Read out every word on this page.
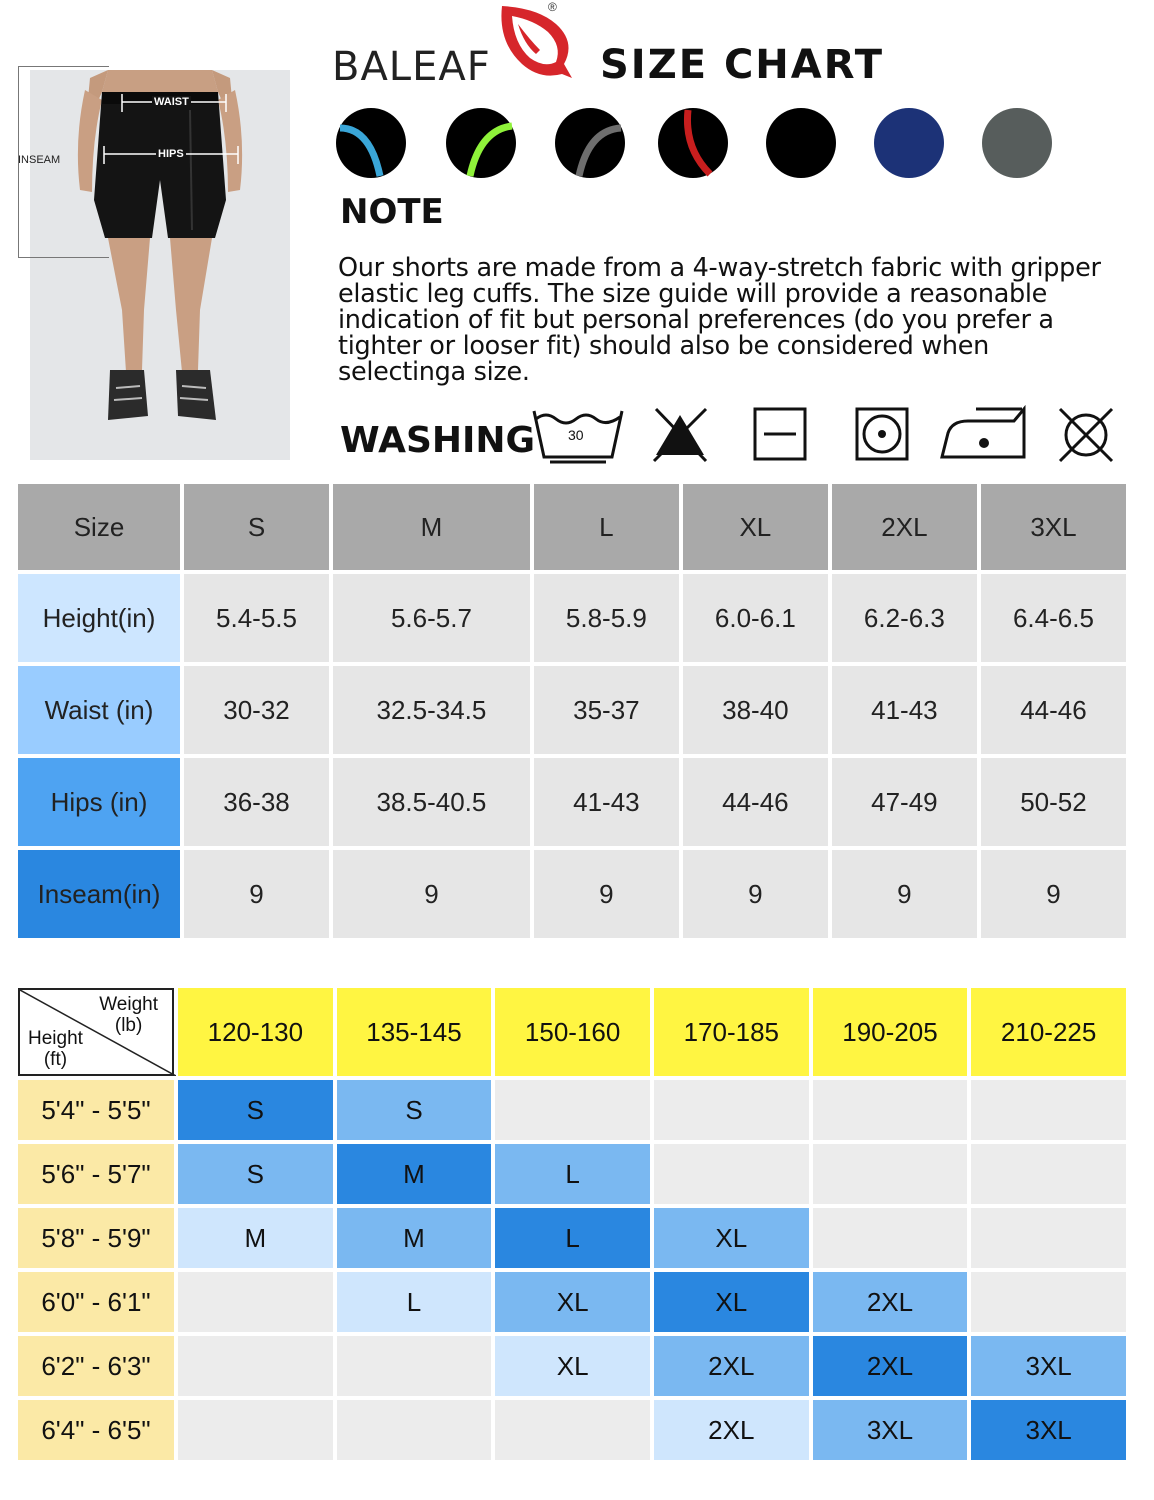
WAIST
HIPS
INSEAM
BALEAF
®
SIZE CHART
NOTE
Our shorts are made from a 4-way-stretch fabric with gripper
elastic leg cuffs. The size guide will provide a reasonable
indication of fit but personal preferences (do you prefer a
tighter or looser fit) should also be considered when
selectinga size.
WASHING 30
Size	S	M	L	XL	2XL	3XL
Height(in)	5.4-5.5	5.6-5.7	5.8-5.9	6.0-6.1	6.2-6.3	6.4-6.5
Waist (in)	30-32	32.5-34.5	35-37	38-40	41-43	44-46
Hips (in)	36-38	38.5-40.5	41-43	44-46	47-49	50-52
Inseam(in)	9	9	9	9	9	9
Weight
(lb)
Height
(ft)	120-130	135-145	150-160	170-185	190-205	210-225
5'4" - 5'5"	S	S				
5'6" - 5'7"	S	M	L			
5'8" - 5'9"	M	M	L	XL		
6'0" - 6'1"		L	XL	XL	2XL	
6'2" - 6'3"			XL	2XL	2XL	3XL
6'4" - 6'5"				2XL	3XL	3XL
